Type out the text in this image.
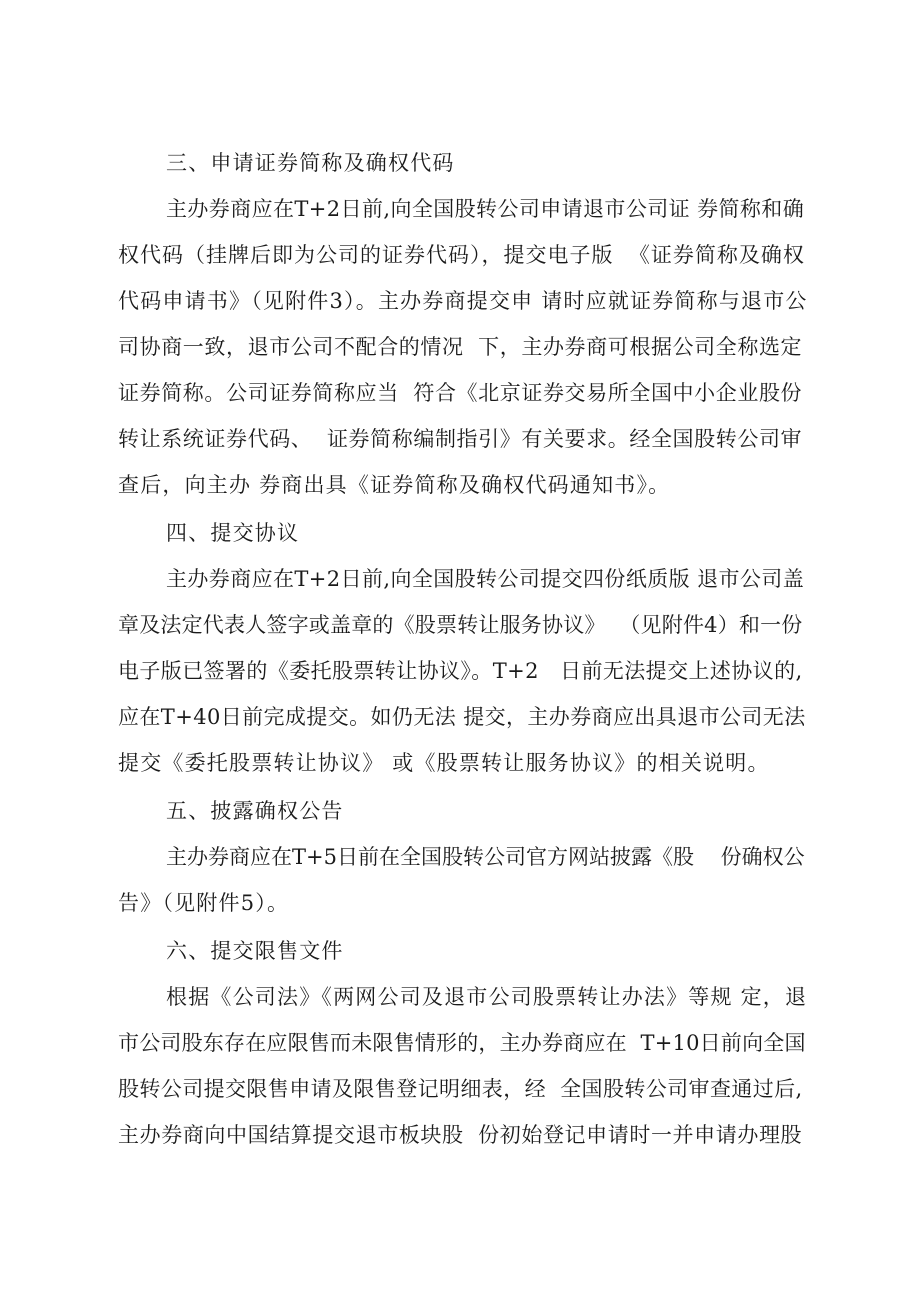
三、申请证券简称及确权代码
主办券商应在T+2日前,向全国股转公司申请退市公司证 券简称和确
权代码（挂牌后即为公司的证券代码），提交电子版  《证券简称及确权
代码申请书》（见附件3）。主办券商提交申 请时应就证券简称与退市公
司协商一致，退市公司不配合的情况  下，主办券商可根据公司全称选定
证券简称。公司证券简称应当  符合《北京证券交易所全国中小企业股份
转让系统证券代码、  证券简称编制指引》有关要求。经全国股转公司审
查后，向主办 券商出具《证券简称及确权代码通知书》。
四、提交协议
主办券商应在T+2日前,向全国股转公司提交四份纸质版 退市公司盖
章及法定代表人签字或盖章的《股票转让服务协议》  （见附件4）和一份
电子版已签署的《委托股票转让协议》。T+2   日前无法提交上述协议的,
应在T+40日前完成提交。如仍无法 提交，主办券商应出具退市公司无法
提交《委托股票转让协议》 或《股票转让服务协议》的相关说明。
五、披露确权公告
主办券商应在T+5日前在全国股转公司官方网站披露《股    份确权公
告》（见附件5）。
六、提交限售文件
根据《公司法》《两网公司及退市公司股票转让办法》等规 定，退
市公司股东存在应限售而未限售情形的，主办券商应在  T+10日前向全国
股转公司提交限售申请及限售登记明细表，经  全国股转公司审查通过后,
主办券商向中国结算提交退市板块股  份初始登记申请时一并申请办理股
